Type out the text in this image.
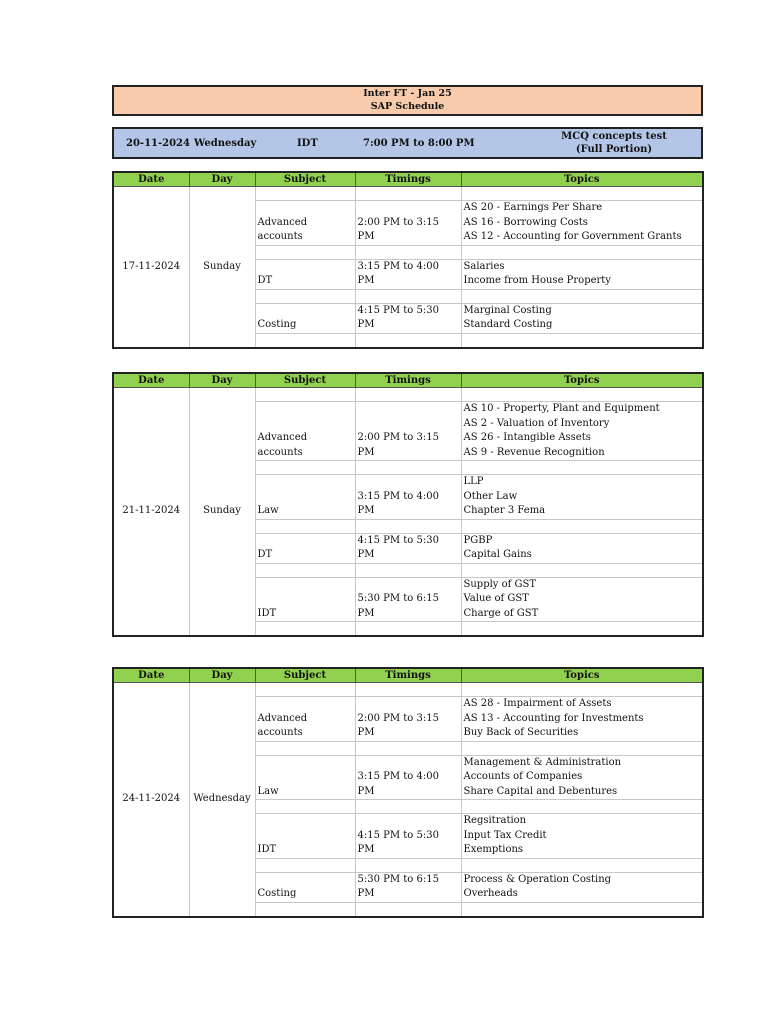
Inter FT - Jan 25
SAP Schedule
20-11-2024 Wednesday	IDT	7:00 PM to 8:00 PM
MCQ concepts test
(Full Portion)
Date	Day	Subject	Timings	Topics
17-11-2024	Sunday			
		Advanced accounts	2:00 PM to 3:15 PM	AS 20 - Earnings Per Share
AS 16 - Borrowing Costs
AS 12 - Accounting for Government Grants

		DT	3:15 PM to 4:00 PM	Salaries
Income from House Property

		Costing	4:15 PM to 5:30 PM	Marginal Costing
Standard Costing

Date	Day	Subject	Timings	Topics
21-11-2024	Sunday			
		Advanced accounts	2:00 PM to 3:15 PM	AS 10 - Property, Plant and Equipment
AS 2 - Valuation of Inventory
AS 26 - Intangible Assets
AS 9 - Revenue Recognition

		Law	3:15 PM to 4:00 PM	LLP
Other Law
Chapter 3 Fema

		DT	4:15 PM to 5:30 PM	PGBP
Capital Gains

		IDT	5:30 PM to 6:15 PM	Supply of GST
Value of GST
Charge of GST

Date	Day	Subject	Timings	Topics
24-11-2024	Wednesday			
		Advanced accounts	2:00 PM to 3:15 PM	AS 28 - Impairment of Assets
AS 13 - Accounting for Investments
Buy Back of Securities

		Law	3:15 PM to 4:00 PM	Management & Administration
Accounts of Companies
Share Capital and Debentures

		IDT	4:15 PM to 5:30 PM	Regsitration
Input Tax Credit
Exemptions

		Costing	5:30 PM to 6:15 PM	Process & Operation Costing
Overheads
